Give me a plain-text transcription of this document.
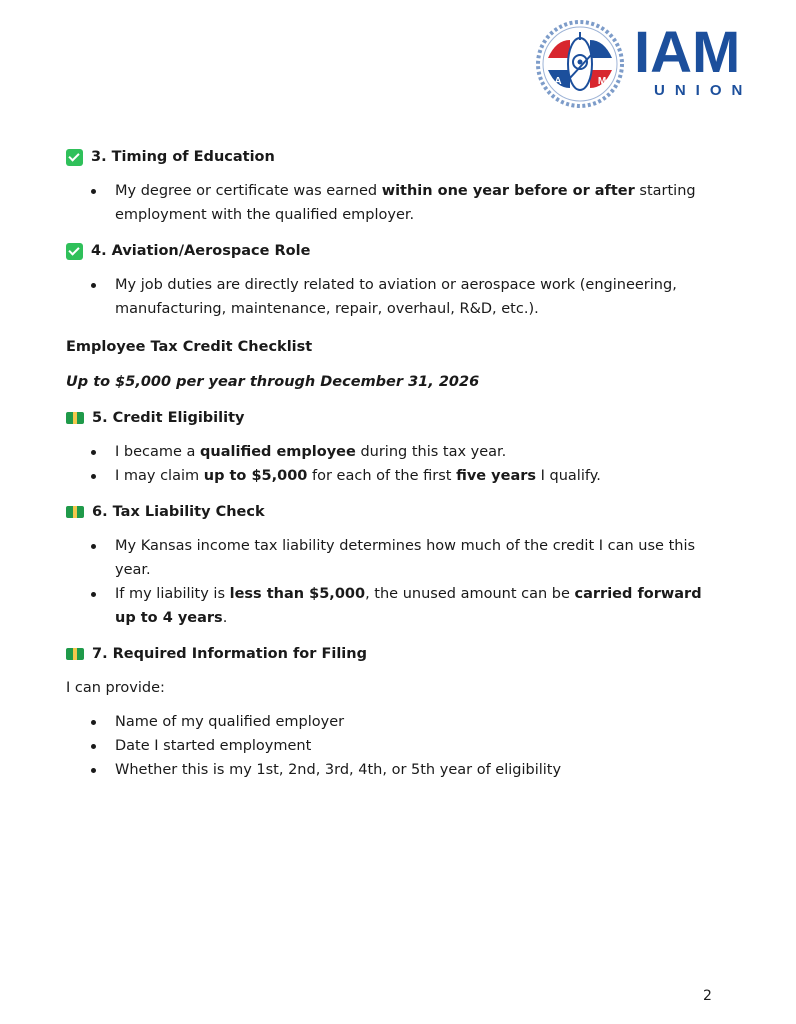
A	M IAM
UNION
3. Timing of Education
My degree or certificate was earned within one year before or after starting employment with the qualified employer.
4. Aviation/Aerospace Role
My job duties are directly related to aviation or aerospace work (engineering, manufacturing, maintenance, repair, overhaul, R&D, etc.).
Employee Tax Credit Checklist
Up to $5,000 per year through December 31, 2026
5. Credit Eligibility
I became a qualified employee during this tax year.
I may claim up to $5,000 for each of the first five years I qualify.
6. Tax Liability Check
My Kansas income tax liability determines how much of the credit I can use this year.
If my liability is less than $5,000, the unused amount can be carried forward up to 4 years.
7. Required Information for Filing
I can provide:
Name of my qualified employer
Date I started employment
Whether this is my 1st, 2nd, 3rd, 4th, or 5th year of eligibility
2
